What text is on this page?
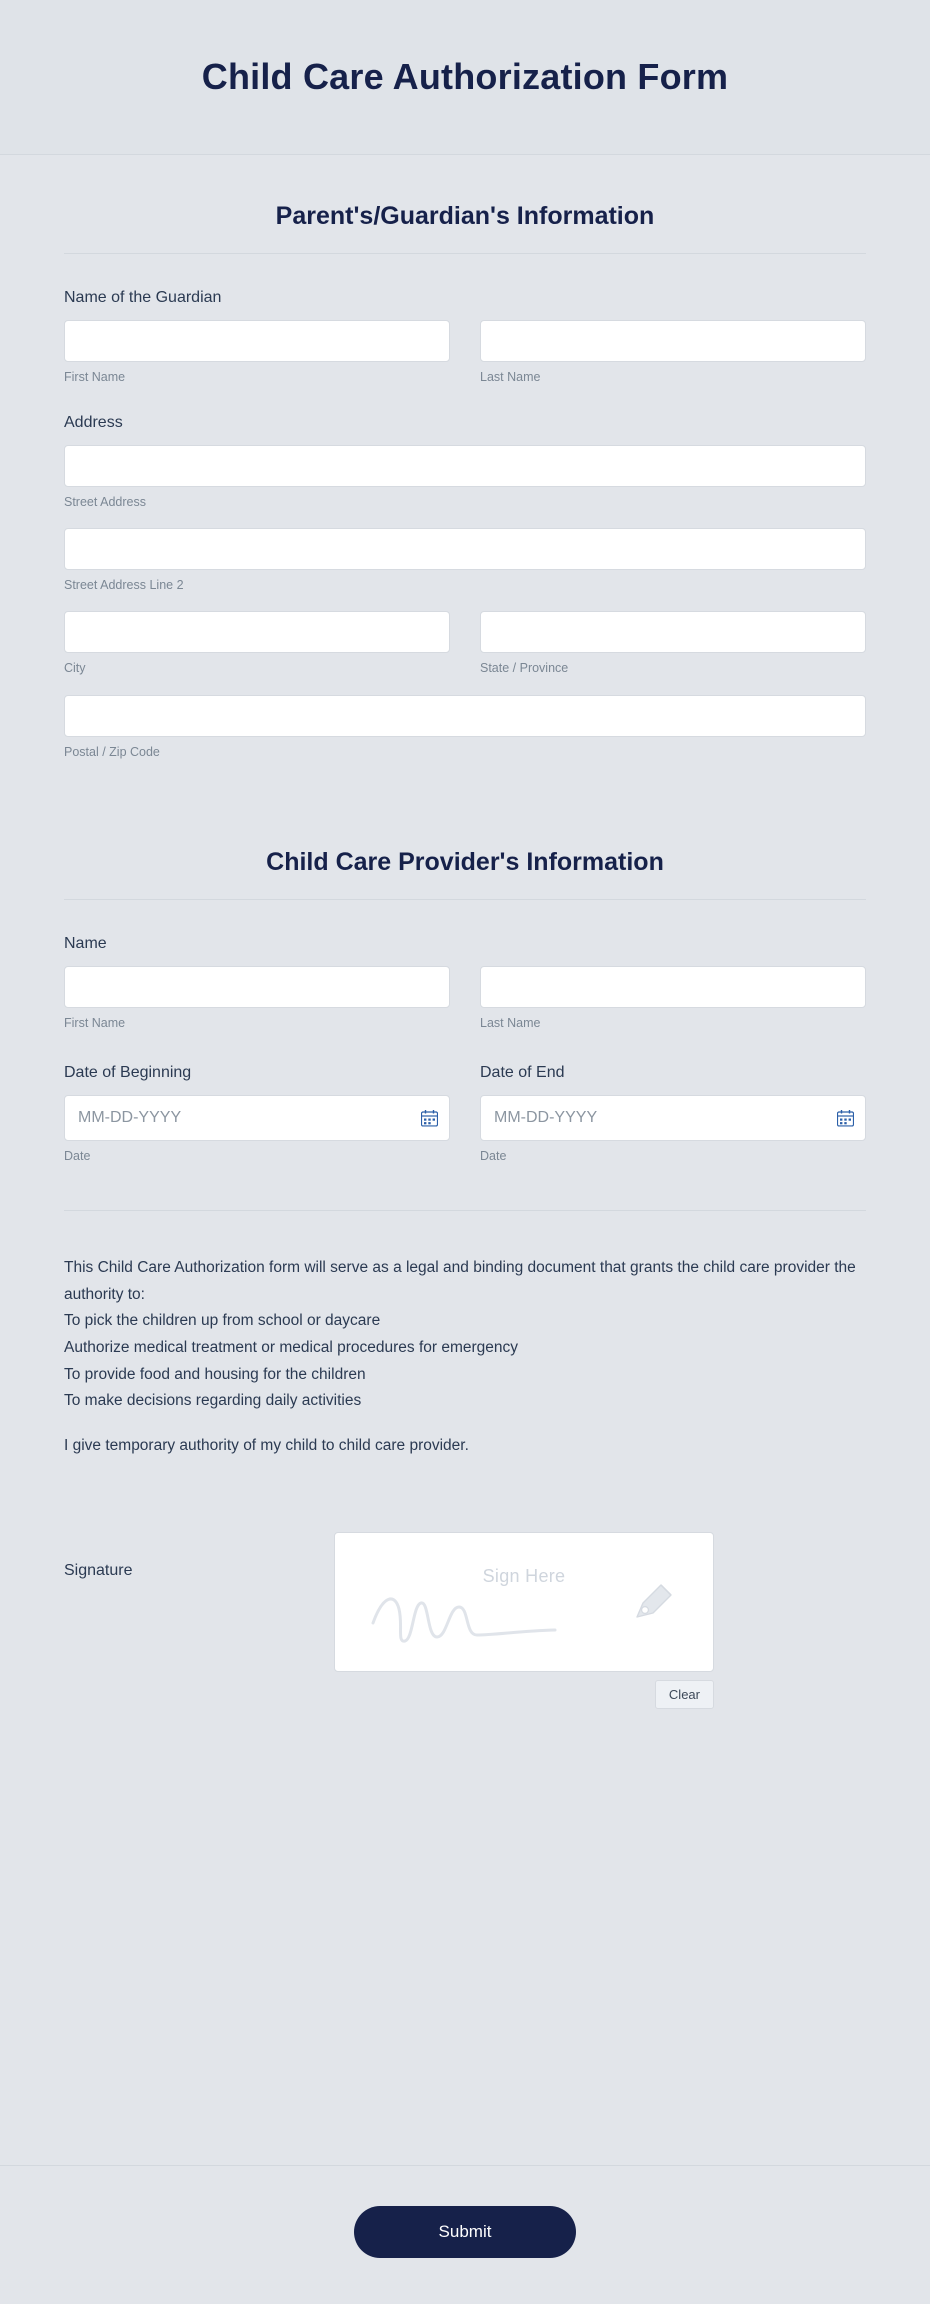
Child Care Authorization Form
Parent's/Guardian's Information
Name of the Guardian
First Name	Last Name
Address
Street Address
Street Address Line 2
City	State / Province
Postal / Zip Code
Child Care Provider's Information
Name
First Name	Last Name
Date of Beginning
MM-DD-YYYY
Date
Date of End
MM-DD-YYYY
Date

This Child Care Authorization form will serve as a legal and binding document that grants the child care provider the authority to:

To pick the children up from school or daycare

Authorize medical treatment or medical procedures for emergency

To provide food and housing for the children

To make decisions regarding daily activities

I give temporary authority of my child to child care provider.

Signature	Sign Here
Clear
Submit
